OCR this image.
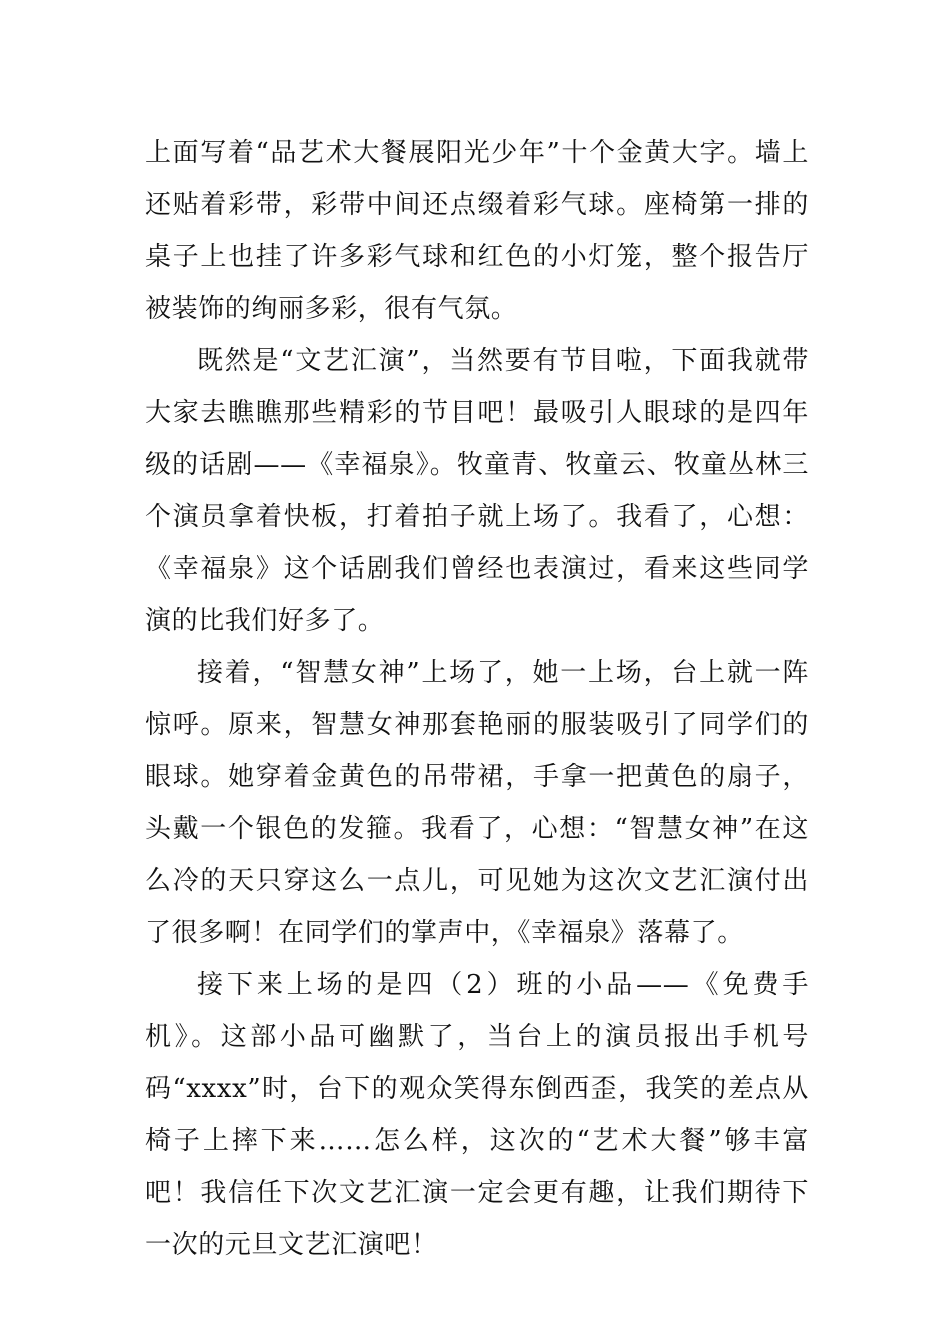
上面写着“品艺术大餐展阳光少年”十个金黄大字。墙上还贴着彩带，彩带中间还点缀着彩气球。座椅第一排的桌子上也挂了许多彩气球和红色的小灯笼，整个报告厅被装饰的绚丽多彩，很有气氛。

既然是“文艺汇演”，当然要有节目啦，下面我就带大家去瞧瞧那些精彩的节目吧！最吸引人眼球的是四年级的话剧——《幸福泉》。牧童青、牧童云、牧童丛林三个演员拿着快板，打着拍子就上场了。我看了，心想：《幸福泉》这个话剧我们曾经也表演过，看来这些同学演的比我们好多了。

接着，“智慧女神”上场了，她一上场，台上就一阵惊呼。原来，智慧女神那套艳丽的服装吸引了同学们的眼球。她穿着金黄色的吊带裙，手拿一把黄色的扇子，头戴一个银色的发箍。我看了，心想：“智慧女神”在这么冷的天只穿这么一点儿，可见她为这次文艺汇演付出了很多啊！在同学们的掌声中，《幸福泉》落幕了。

接下来上场的是四（2）班的小品——《免费手机》。这部小品可幽默了，当台上的演员报出手机号码“xxxx”时，台下的观众笑得东倒西歪，我笑的差点从椅子上摔下来……怎么样，这次的“艺术大餐”够丰富吧！我信任下次文艺汇演一定会更有趣，让我们期待下一次的元旦文艺汇演吧！
